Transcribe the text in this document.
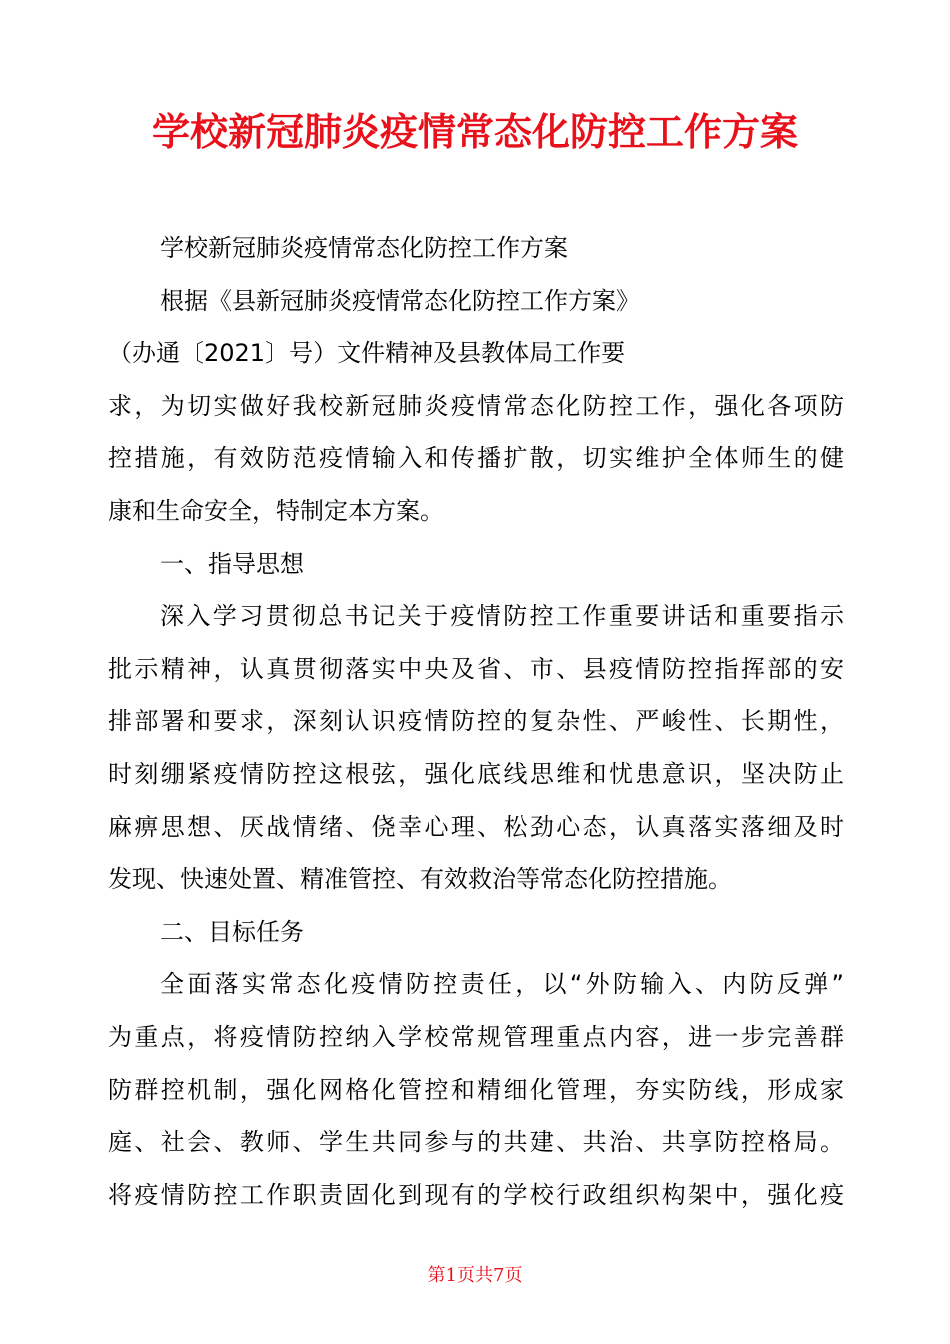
学校新冠肺炎疫情常态化防控工作方案
学校新冠肺炎疫情常态化防控工作方案
根据《县新冠肺炎疫情常态化防控工作方案》
（办通〔2021〕号）文件精神及县教体局工作要
求，为切实做好我校新冠肺炎疫情常态化防控工作，强化各项防
控措施，有效防范疫情输入和传播扩散，切实维护全体师生的健
康和生命安全，特制定本方案。
一、指导思想
深入学习贯彻总书记关于疫情防控工作重要讲话和重要指示
批示精神，认真贯彻落实中央及省、市、县疫情防控指挥部的安
排部署和要求，深刻认识疫情防控的复杂性、严峻性、长期性，
时刻绷紧疫情防控这根弦，强化底线思维和忧患意识，坚决防止
麻痹思想、厌战情绪、侥幸心理、松劲心态，认真落实落细及时
发现、快速处置、精准管控、有效救治等常态化防控措施。
二、目标任务
全面落实常态化疫情防控责任，以“外防输入、内防反弹”
为重点，将疫情防控纳入学校常规管理重点内容，进一步完善群
防群控机制，强化网格化管控和精细化管理，夯实防线，形成家
庭、社会、教师、学生共同参与的共建、共治、共享防控格局。
将疫情防控工作职责固化到现有的学校行政组织构架中，强化疫
第1页共7页
